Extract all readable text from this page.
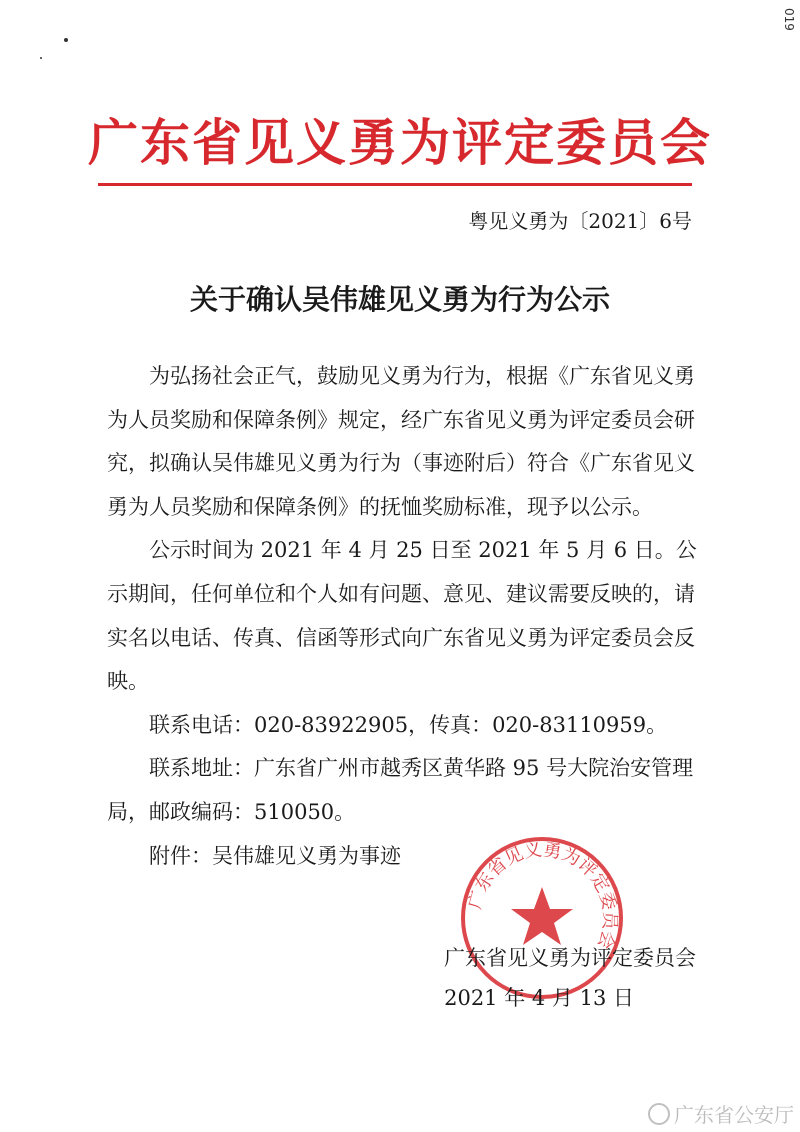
019
广东省见义勇为评定委员会
粤见义勇为〔2021〕6号
关于确认吴伟雄见义勇为行为公示

为弘扬社会正气，鼓励见义勇为行为，根据《广东省见义勇为人员奖励和保障条例》规定，经广东省见义勇为评定委员会研究，拟确认吴伟雄见义勇为行为（事迹附后）符合《广东省见义勇为人员奖励和保障条例》的抚恤奖励标准，现予以公示。

公示时间为 2021 年 4 月 25 日至 2021 年 5 月 6 日。公示期间，任何单位和个人如有问题、意见、建议需要反映的，请实名以电话、传真、信函等形式向广东省见义勇为评定委员会反映。

联系电话：020-83922905，传真：020-83110959。

联系地址：广东省广州市越秀区黄华路 95 号大院治安管理局，邮政编码：510050。

附件：吴伟雄见义勇为事迹

广东省见义勇为评定委员会
广东省见义勇为评定委员会
2021 年 4 月 13 日
广东省公安厅
